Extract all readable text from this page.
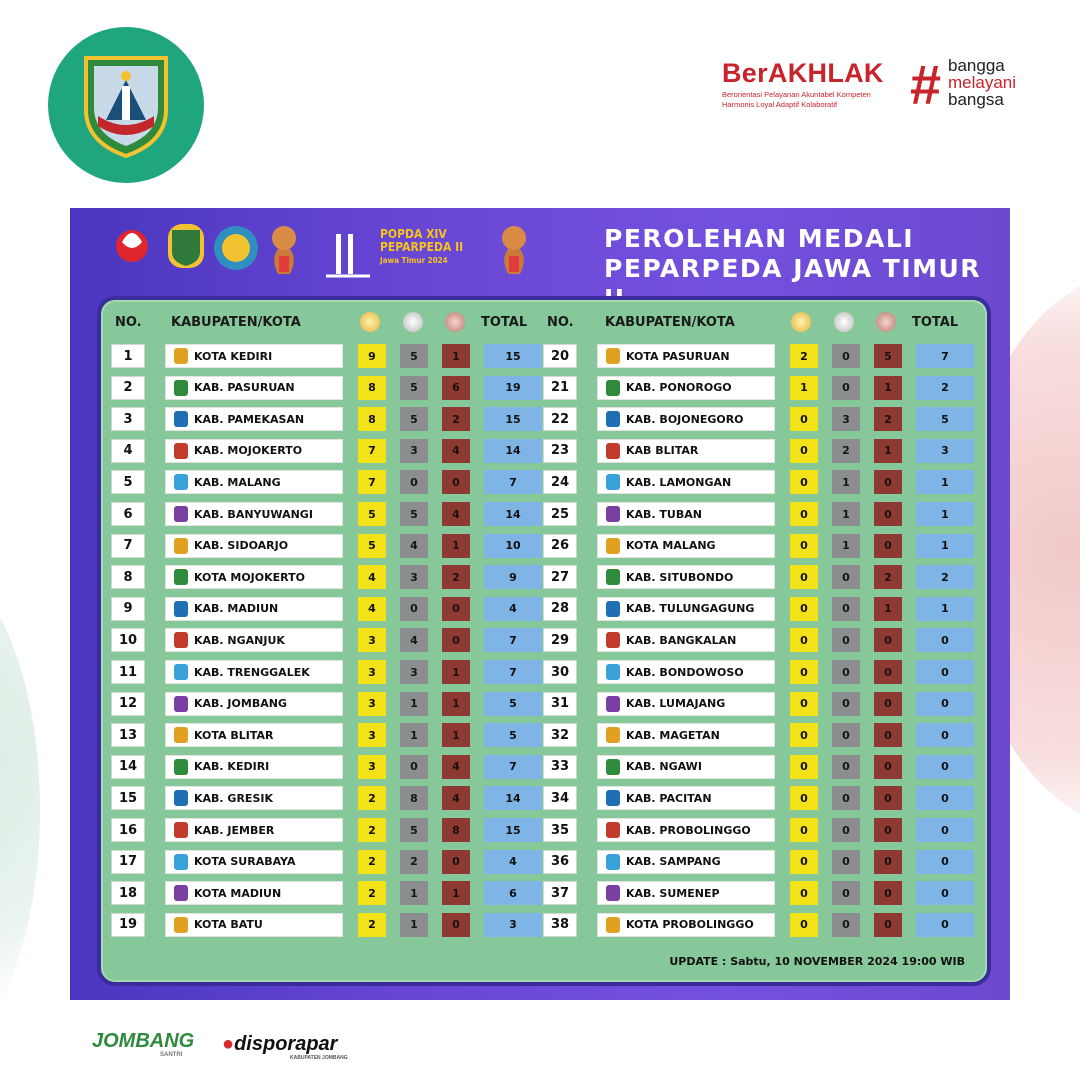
BerAKHLAK
Berorientasi Pelayanan Akuntabel Kompeten
Harmonis Loyal Adaptif Kolaboratif	# bangga
melayani
bangsa
POPDA XIV
PEPARPEDA II
Jawa Timur 2024
PEROLEHAN MEDALI
PEPARPEDA JAWA TIMUR
NO. KABUPATEN/KOTA	TOTAL NO. KABUPATEN/KOTA	TOTAL
UPDATE : Sabtu, 10 NOVEMBER 2024 19:00 WIB
1	KOTA KEDIRI	9	5	1	15
2	KAB. PASURUAN	8	5	6	19
3	KAB. PAMEKASAN	8	5	2	15
4	KAB. MOJOKERTO	7	3	4	14
5	KAB. MALANG	7	0	0	7
6	KAB. BANYUWANGI	5	5	4	14
7	KAB. SIDOARJO	5	4	1	10
8	KOTA MOJOKERTO	4	3	2	9
9	KAB. MADIUN	4	0	0	4
10	KAB. NGANJUK	3	4	0	7
11	KAB. TRENGGALEK	3	3	1	7
12	KAB. JOMBANG	3	1	1	5
13	KOTA BLITAR	3	1	1	5
14	KAB. KEDIRI	3	0	4	7
15	KAB. GRESIK	2	8	4	14
16	KAB. JEMBER	2	5	8	15
17	KOTA SURABAYA	2	2	0	4
18	KOTA MADIUN	2	1	1	6
19	KOTA BATU	2	1	0	3
20	KOTA PASURUAN	2	0	5	7
21	KAB. PONOROGO	1	0	1	2
22	KAB. BOJONEGORO	0	3	2	5
23	KAB BLITAR	0	2	1	3
24	KAB. LAMONGAN	0	1	0	1
25	KAB. TUBAN	0	1	0	1
26	KOTA MALANG	0	1	0	1
27	KAB. SITUBONDO	0	0	2	2
28	KAB. TULUNGAGUNG	0	0	1	1
29	KAB. BANGKALAN	0	0	0	0
30	KAB. BONDOWOSO	0	0	0	0
31	KAB. LUMAJANG	0	0	0	0
32	KAB. MAGETAN	0	0	0	0
33	KAB. NGAWI	0	0	0	0
34	KAB. PACITAN	0	0	0	0
35	KAB. PROBOLINGGO	0	0	0	0
36	KAB. SAMPANG	0	0	0	0
37	KAB. SUMENEP	0	0	0	0
38	KOTA PROBOLINGGO	0	0	0	0
JOMBANG
SANTRI ●disporapar
KABUPATEN JOMBANG
